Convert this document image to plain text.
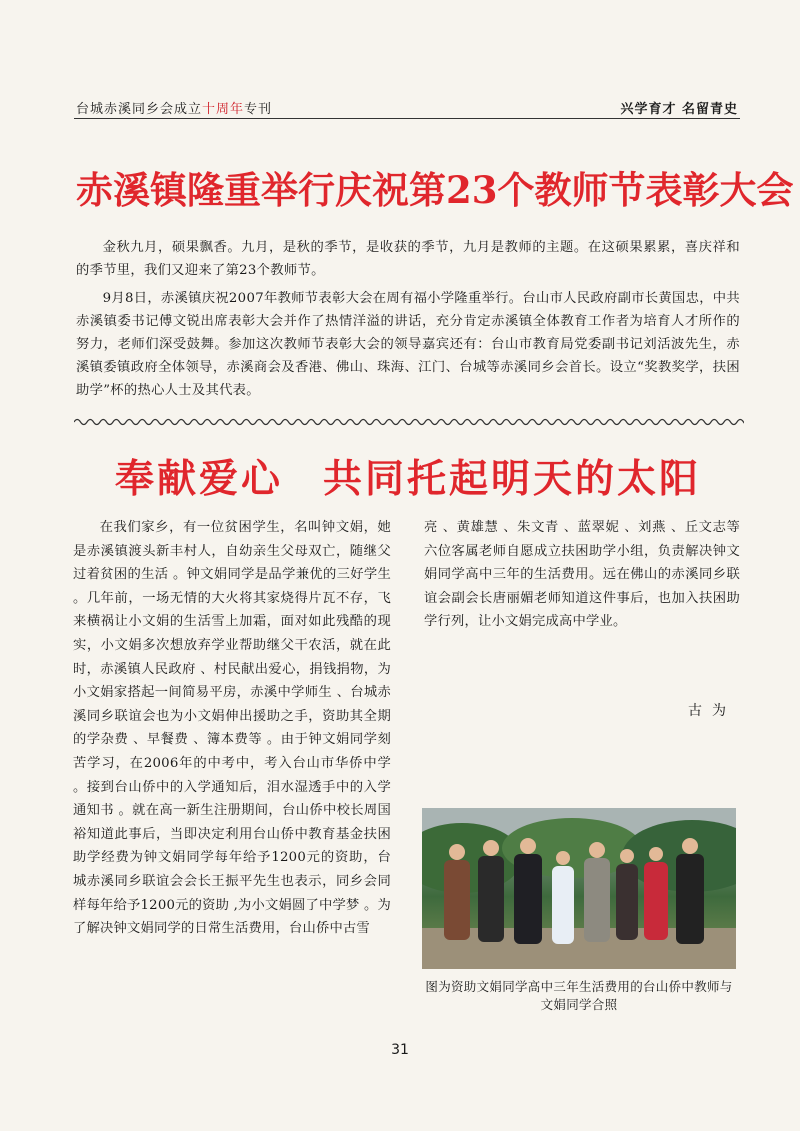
台城赤溪同乡会成立十周年专刊	兴学育才 名留青史
赤溪镇隆重举行庆祝第23个教师节表彰大会
金秋九月，硕果飘香。九月，是秋的季节，是收获的季节，九月是教师的主题。在这硕果累累，喜庆祥和的季节里，我们又迎来了第23个教师节。
9月8日，赤溪镇庆祝2007年教师节表彰大会在周有福小学隆重举行。台山市人民政府副市长黄国忠，中共赤溪镇委书记傅文锐出席表彰大会并作了热情洋溢的讲话，充分肯定赤溪镇全体教育工作者为培育人才所作的努力，老师们深受鼓舞。参加这次教师节表彰大会的领导嘉宾还有：台山市教育局党委副书记刘活波先生，赤溪镇委镇政府全体领导，赤溪商会及香港、佛山、珠海、江门、台城等赤溪同乡会首长。设立“奖教奖学，扶困助学”杯的热心人士及其代表。
奉献爱心 共同托起明天的太阳
在我们家乡，有一位贫困学生，名叫钟文娟，她是赤溪镇渡头新丰村人，自幼亲生父母双亡，随继父过着贫困的生活 。钟文娟同学是品学兼优的三好学生 。几年前，一场无情的大火将其家烧得片瓦不存，飞来横祸让小文娟的生活雪上加霜，面对如此残酷的现实，小文娟多次想放弃学业帮助继父干农活，就在此时，赤溪镇人民政府 、村民献出爱心，捐钱捐物，为小文娟家搭起一间简易平房，赤溪中学师生 、台城赤溪同乡联谊会也为小文娟伸出援助之手，资助其全期的学杂费 、早餐费 、簿本费等 。由于钟文娟同学刻苦学习，在2006年的中考中，考入台山市华侨中学 。接到台山侨中的入学通知后，泪水湿透手中的入学通知书 。就在高一新生注册期间，台山侨中校长周国裕知道此事后，当即决定利用台山侨中教育基金扶困助学经费为钟文娟同学每年给予1200元的资助，台城赤溪同乡联谊会会长王振平先生也表示，同乡会同样每年给予1200元的资助 ,为小文娟圆了中学梦 。为了解决钟文娟同学的日常生活费用，台山侨中古雪
亮 、黄雄慧 、朱文青 、蓝翠妮 、刘燕 、丘文志等六位客属老师自愿成立扶困助学小组，负责解决钟文娟同学高中三年的生活费用。远在佛山的赤溪同乡联谊会副会长唐丽媚老师知道这件事后，也加入扶困助学行列，让小文娟完成高中学业。
古为
图为资助文娟同学高中三年生活费用的台山侨中教师与文娟同学合照
31
